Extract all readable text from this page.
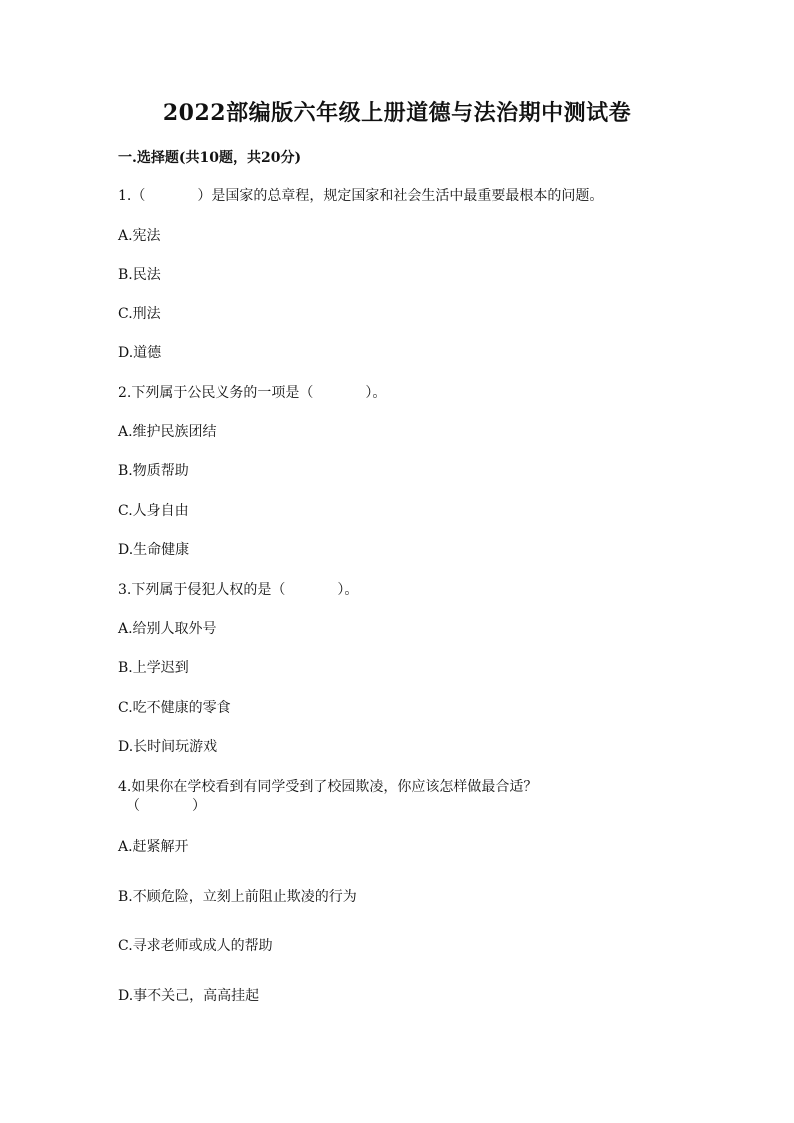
2022部编版六年级上册道德与法治期中测试卷
一.选择题(共10题，共20分)
1.（	）是国家的总章程，规定国家和社会生活中最重要最根本的问题。
A.宪法
B.民法
C.刑法
D.道德
2.下列属于公民义务的一项是（	）。
A.维护民族团结
B.物质帮助
C.人身自由
D.生命健康
3.下列属于侵犯人权的是（	）。
A.给别人取外号
B.上学迟到
C.吃不健康的零食
D.长时间玩游戏
4.如果你在学校看到有同学受到了校园欺凌，你应该怎样做最合适？
（	）
A.赶紧解开
B.不顾危险，立刻上前阻止欺凌的行为
C.寻求老师或成人的帮助
D.事不关己，高高挂起
